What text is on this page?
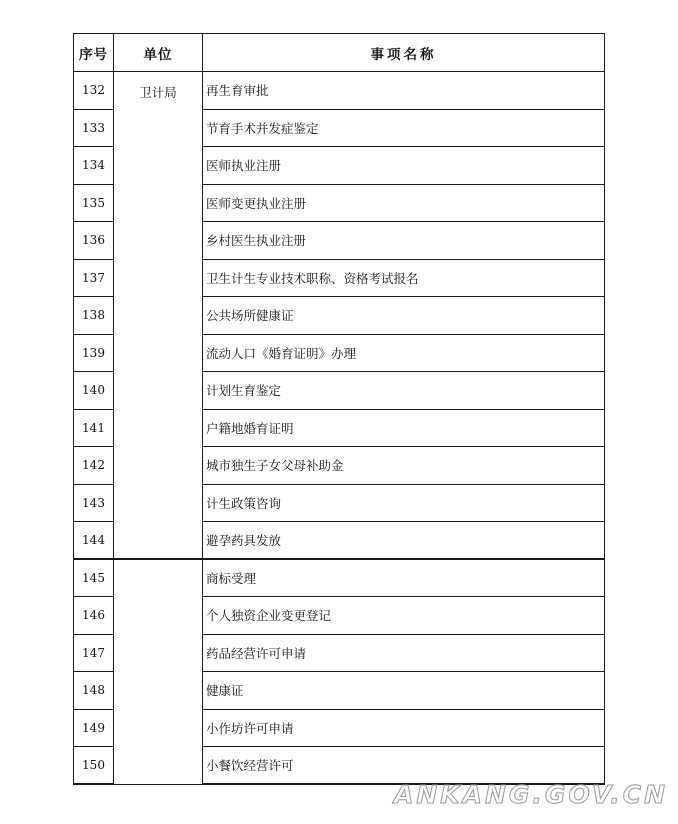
序号	单位	事项名称
132	卫计局	再生育审批
133		节育手术并发症鉴定
134		医师执业注册
135		医师变更执业注册
136		乡村医生执业注册
137		卫生计生专业技术职称、资格考试报名
138		公共场所健康证
139		流动人口《婚育证明》办理
140		计划生育鉴定
141		户籍地婚育证明
142		城市独生子女父母补助金
143		计生政策咨询
144		避孕药具发放
145		商标受理
146		个人独资企业变更登记
147		药品经营许可申请
148		健康证
149		小作坊许可申请
150		小餐饮经营许可
ANKANG.GOV.CN
